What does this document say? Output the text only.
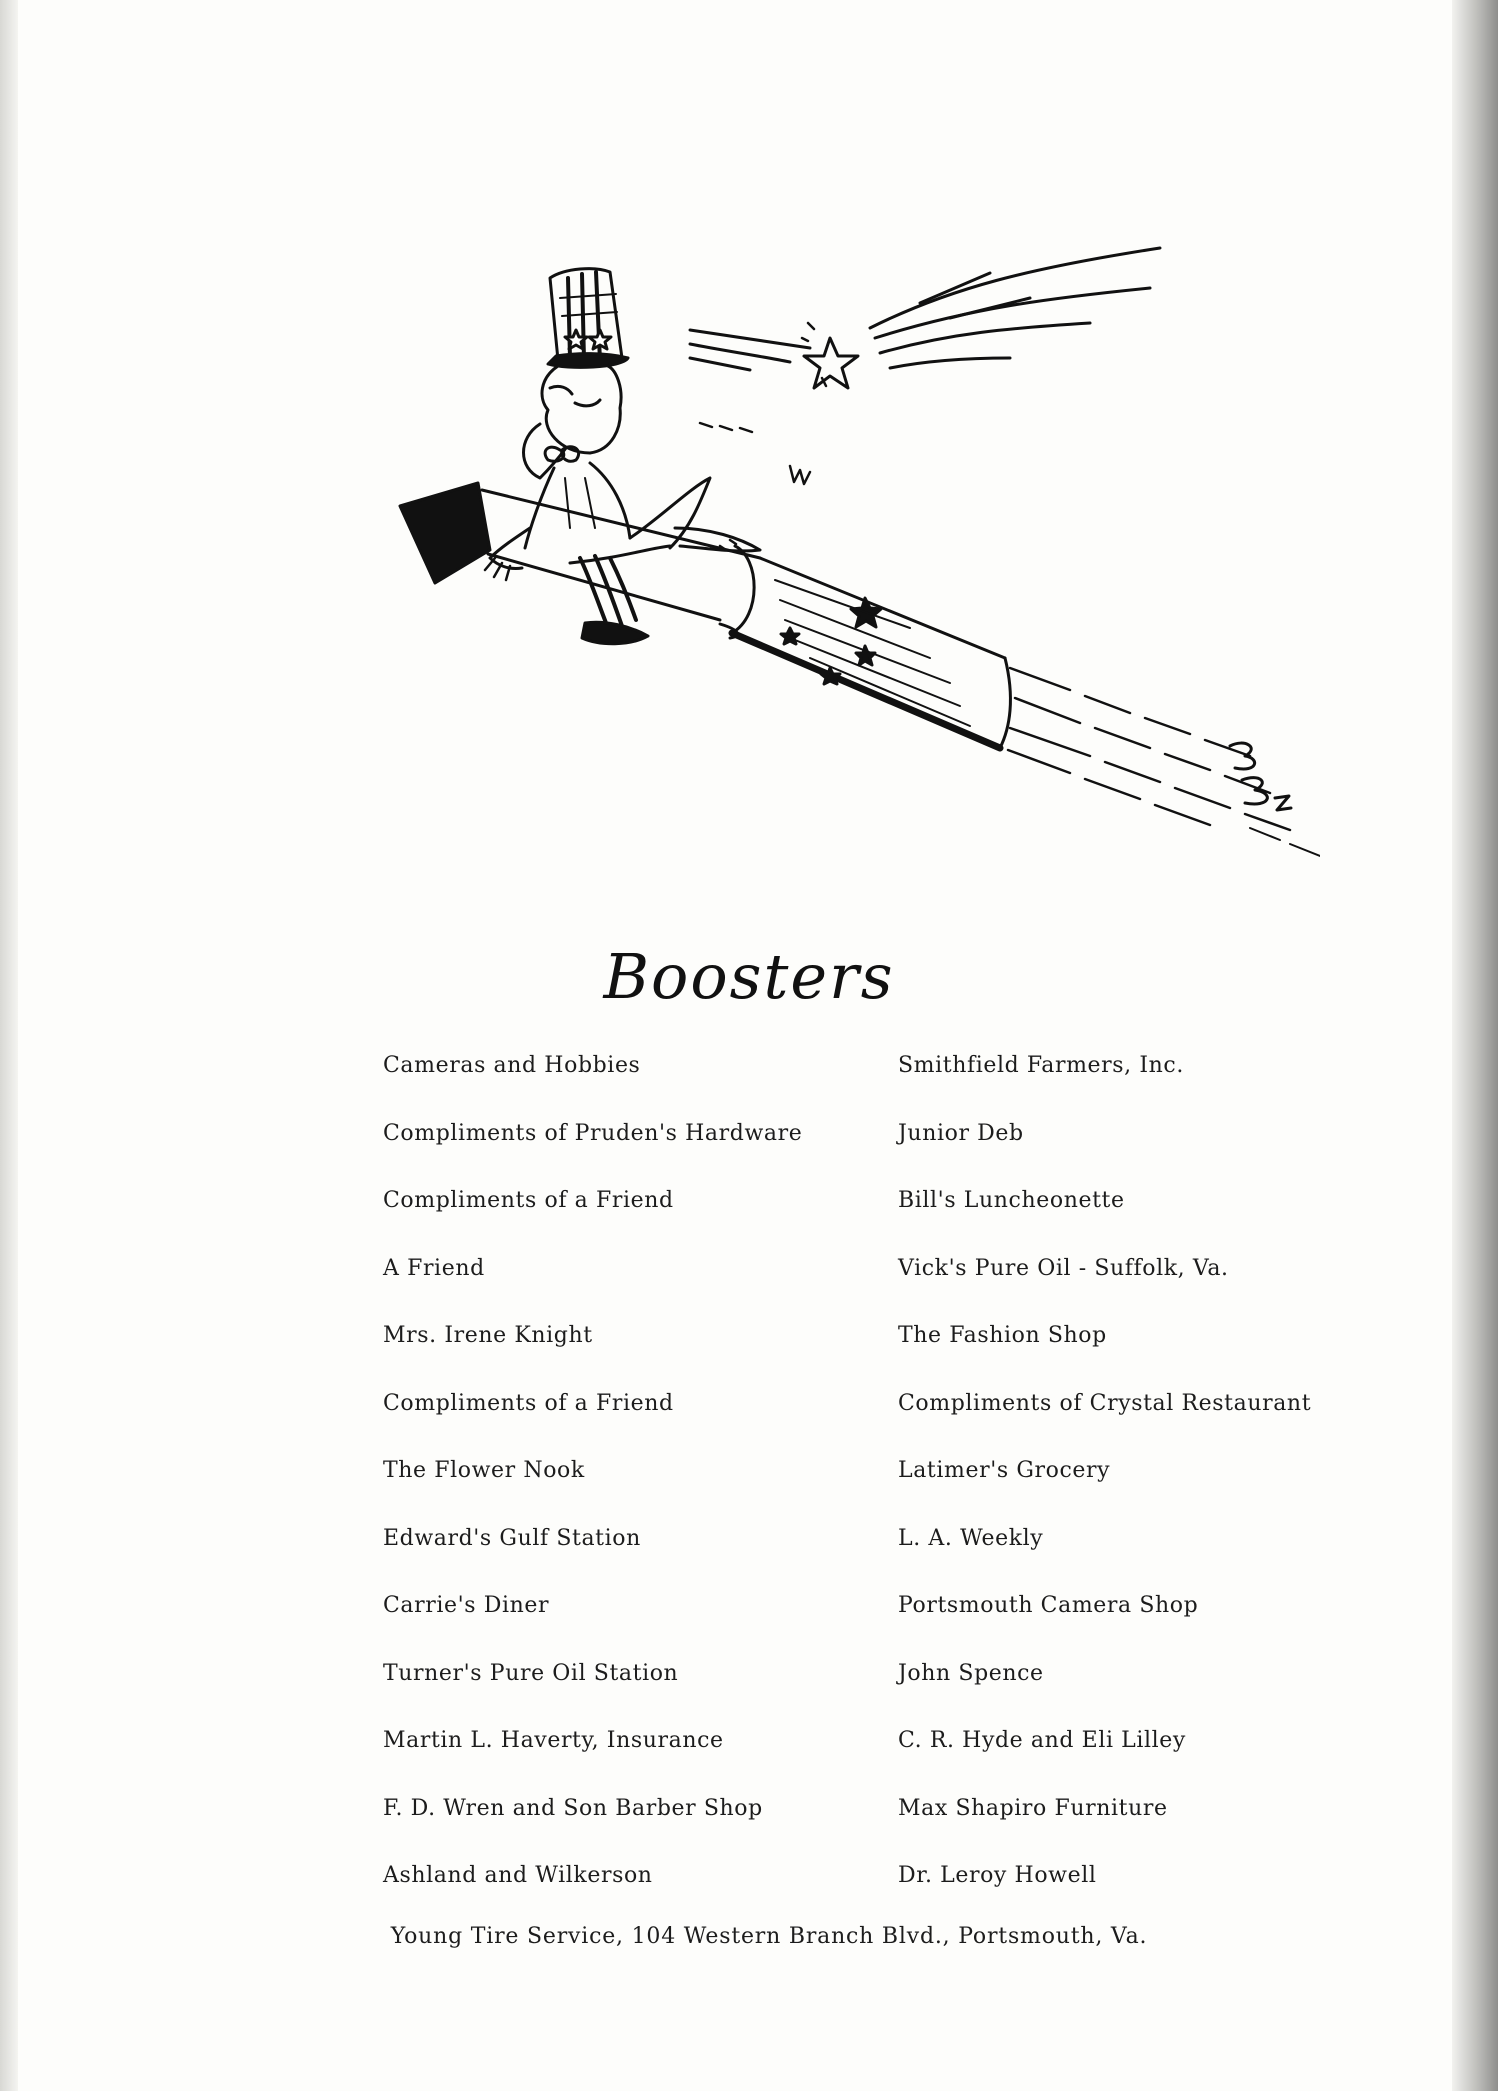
Boosters
Cameras and Hobbies
Compliments of Pruden's Hardware
Compliments of a Friend
A Friend
Mrs. Irene Knight
Compliments of a Friend
The Flower Nook
Edward's Gulf Station
Carrie's Diner
Turner's Pure Oil Station
Martin L. Haverty, Insurance
F. D. Wren and Son Barber Shop
Ashland and Wilkerson
Smithfield Farmers, Inc.
Junior Deb
Bill's Luncheonette
Vick's Pure Oil - Suffolk, Va.
The Fashion Shop
Compliments of Crystal Restaurant
Latimer's Grocery
L. A. Weekly
Portsmouth Camera Shop
John Spence
C. R. Hyde and Eli Lilley
Max Shapiro Furniture
Dr. Leroy Howell
Young Tire Service, 104 Western Branch Blvd., Portsmouth, Va.
